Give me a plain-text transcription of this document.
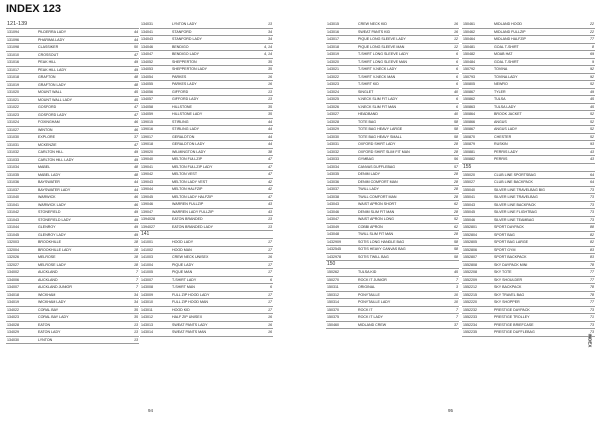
INDEX 123
121-139		
131094	PILDERRA LADY	44
131096	PHARIMA LADY	44
131098	CLASSIKER	50
131010	CROSSOUT	47
131016	PEAK HILL	49
131017	PEAK HILL LADY	49
131018	GRAFTON	48
131019	GRAFTON LADY	48
131020	MOUNT WALL	45
131021	MOUNT WALL LADY	45
131022	GOSFORD	47
131023	GOSFORD LADY	47
131024	FOXINGHAM	46
131027	WINTON	46
131030	EXPLORE	37
131031	MCKENZIE	47
131032	CARLTON HILL	49
131033	CARLTON HILL LADY	49
131034	MABEL	48
131035	MABEL LADY	48
131036	BAYSWATER	44
131037	BAYSWATER LADY	44
131040	WARWICK	46
131041	WARWICK LADY	46
131042	STONEFIELD	49
131043	STONEFIELD LADY	49
131044	GLENROY	49
131045	GLENROY LADY	49
132003	BROOKHILLE	18
132004	BROOKHILLE LADY	18
132026	MELROSE	18
132027	MELROSE LADY	18
134002	AUCKLAND	7
134006	AUCKLAND	7
134007	AUCKLAND JUNIOR	7
134018	WICKHAM	34
134019	WICKHAM LADY	34
134022	CORAL BAY	35
134023	CORAL BAY LADY	35
134028	EATON	13
134029	EATON LADY	13
134030	LYNTON	13
134031	LYNTON LADY	13
134041	STANFORD	34
134043	STANFORD LADY	34
134046	BENDIGO	4, 14
134047	BENDIGO LADY	4, 14
134052	SHEPPERTON	35
134053	SHEPPERTON LADY	35
134054	PARKES	16
134055	PARKES LADY	16
134056	GIFFORD	13
134057	GIFFORD LADY	13
134058	HILLSTONE	35
134059	HILLSTONE LADY	35
139015	STIRLING	44
139016	STIRLING LADY	44
139017	GERALDTON	44
139018	GERALDTON LADY	44
139020	WILMINGTON LADY	38
139040	MELTON FULLZIP	47
139041	MELTON FULLZIP LADY	47
139042	MELTON VEST	47
139043	MELTON LADY VEST	42
139044	MELTON HALFZIP	42
139045	MELTON LADY HALFZIP	47
139046	WARREN FULLZIP	43
139047	WARREN LADY FULLZIP	43
1394028	EATON BRANDED	13
1394027	EATON BRANDED LADY	13
141		
141001	HOOD LADY	17
141002	HOOD MAN	17
141003	CREW NECK UNISEX	16
141004	PIQUE LADY	17
141005	PIQUE MAN	17
143007	T-SHIRT LADY	6
143008	T-SHIRT MAN	6
143009	FULL ZIP HOOD LADY	17
143010	FULL ZIP HOOD MAN	17
143011	HOOD KID	17
143012	HALF ZIP UNISEX	16
143013	SWEAT PANTS LADY	16
143014	SWEAT PANTS MAN	16
143015	CREW NECK KID	16
143016	SWEAT PANTS KID	16
143017	PIQUE LONG SLEEVE LADY	12
143018	PIQUE LONG SLEEVE MAN	12
143019	T-SHIRT LONG SLEEVE LADY	6
143020	T-SHIRT LONG SLEEVE MAN	6
143021	T-SHIRT V-NECK LADY	6
143022	T-SHIRT V-NECK MAN	6
143023	T-SHIRT KID	6
143024	SINGLET	40
143025	V-NECK SLIM FIT LADY	6
143026	V-NECK SLIM FIT MAN	6
143027	HEADBAND	40
143028	TOTE BAG	58
143029	TOTE BAG HEAVY LARGE	58
143030	TOTE BAG HEAVY SMALL	58
143031	OXFORD SHIRT LADY	28
143032	OXFORD SHIRT SLIM FIT MAN	28
143033	GYMBAG	56
143034	CANVAS DUFFLEBAG	57
143035	DENIM LADY	28
143036	DENIM COMFORT MAN	28
143037	TWILL LADY	28
143038	TWILL COMFORT MAN	28
143043	WAIST APRON SHORT	62
143046	DENIM SLIM FIT MAN	28
143047	WAIST APRON LONG	52
143049	COBBI APRON	62
143048	TWILL SLIM FIT MAN	28
1432909	SOTIS LONG HANDLE BAG	58
1432545	SOTIS HEAVY CANVAS BAG	58
1432978	SOTIS TWILL BAG	58
150		
150262	TULSA KID	45
150270	ROCK IT JUNIOR	7
150311	ORIGINAL	3
150312	PONYTAILLE	10
150314	PONYTAILLE LADY	10
150370	ROCK IT	7
150375	ROCK IT LADY	7
150460	MIDLAND CREW	37
150461	MIDLAND HOOD	22
150462	MIDLAND FULLZIP	22
150464	MIDLAND HALFZIP	77
150481	GOAL T-SHIRT	8
150482	MOAB HAT	69
150484	GOAL T-SHIRT	9
150792	TOVINA	92
150793	TOVINA LADY	92
150805	NEWRO	52
150867	TYLER	49
150862	TULSA	45
150863	TULSA LADY	45
150864	BROOK JACKET	52
150866	ANGUS	52
150867	ANGUS LADY	52
150870	CHESTER	52
150879	RUSKIN	93
150881	PERRIS LADY	43
150882	PERRIS	43
155		
155020	CLUB LINE SPORTSBAG	64
155027	CLUB LINE BACKPACK	64
155040	SILVER LINE TRAVELBAG BIG	73
155041	SILVER LINE TRAVELBAG	73
155043	SILVER LINE BACKPACK	73
155045	SILVER LINE FLIGHTBAG	73
155046	SILVER LINE TEAMBAG	73
1552801	SPORT DAYPACK	88
1552804	SPORT BAG	82
1552805	SPORT BAG LARGE	82
1552806	SPORT GYM	83
1552807	SPORT BACKPACK	83
1552808	SKY DAYPACK MINI	78
1552208	SKY TOTE	77
1552209	SKY SHOULDER	77
1552212	SKY BACKPACK	78
1552215	SKY TRAVEL BAG	78
1552220	SKY SHOPPER	77
1552232	PRESTIGE DAYPACK	73
1552233	PRESTIGE TROLLEY	71
1552234	PRESTIGE BRIEFCASE	73
1552235	PRESTIGE DUFFLEBAG	73
94	95
INDEX
